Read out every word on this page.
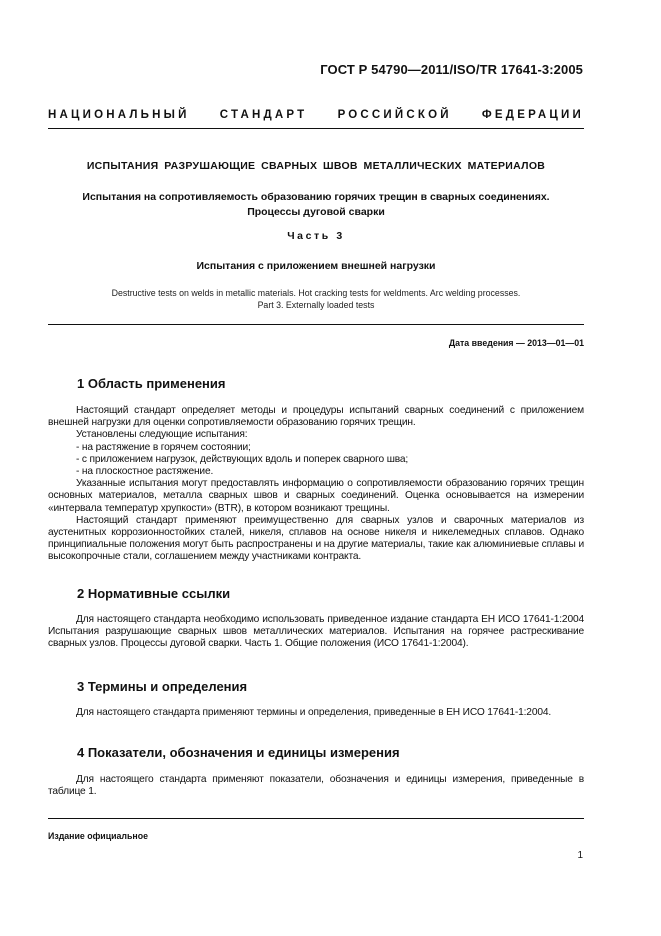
ГОСТ Р 54790—2011/ISO/TR 17641-3:2005
НАЦИОНАЛЬНЫЙ	СТАНДАРТ	РОССИЙСКОЙ	ФЕДЕРАЦИИ
ИСПЫТАНИЯ РАЗРУШАЮЩИЕ СВАРНЫХ ШВОВ МЕТАЛЛИЧЕСКИХ МАТЕРИАЛОВ
Испытания на сопротивляемость образованию горячих трещин в сварных соединениях.
Процессы дуговой сварки
Часть 3
Испытания с приложением внешней нагрузки
Destructive tests on welds in metallic materials. Hot cracking tests for weldments. Arc welding processes.
Part 3. Externally loaded tests
Дата введения — 2013—01—01
1 Область применения

Настоящий стандарт определяет методы и процедуры испытаний сварных соединений с приложением внешней нагрузки для оценки сопротивляемости образованию горячих трещин.

Установлены следующие испытания:

- на растяжение в горячем состоянии;

- с приложением нагрузок, действующих вдоль и поперек сварного шва;

- на плоскостное растяжение.

Указанные испытания могут предоставлять информацию о сопротивляемости образованию горячих трещин основных материалов, металла сварных швов и сварных соединений. Оценка основывается на измерении «интервала температур хрупкости» (BTR), в котором возникают трещины.

Настоящий стандарт применяют преимущественно для сварных узлов и сварочных материалов из аустенитных коррозионностойких сталей, никеля, сплавов на основе никеля и никелемедных сплавов. Однако принципиальные положения могут быть распространены и на другие материалы, такие как алюминиевые сплавы и высокопрочные стали, соглашением между участниками контракта.

2 Нормативные ссылки

Для настоящего стандарта необходимо использовать приведенное издание стандарта ЕН ИСО 17641-1:2004 Испытания разрушающие сварных швов металлических материалов. Испытания на горячее растрескивание сварных узлов. Процессы дуговой сварки. Часть 1. Общие положения (ИСО 17641-1:2004).

3 Термины и определения

Для настоящего стандарта применяют термины и определения, приведенные в ЕН ИСО 17641-1:2004.

4 Показатели, обозначения и единицы измерения

Для настоящего стандарта применяют показатели, обозначения и единицы измерения, приведенные в таблице 1.

Издание официальное
1
